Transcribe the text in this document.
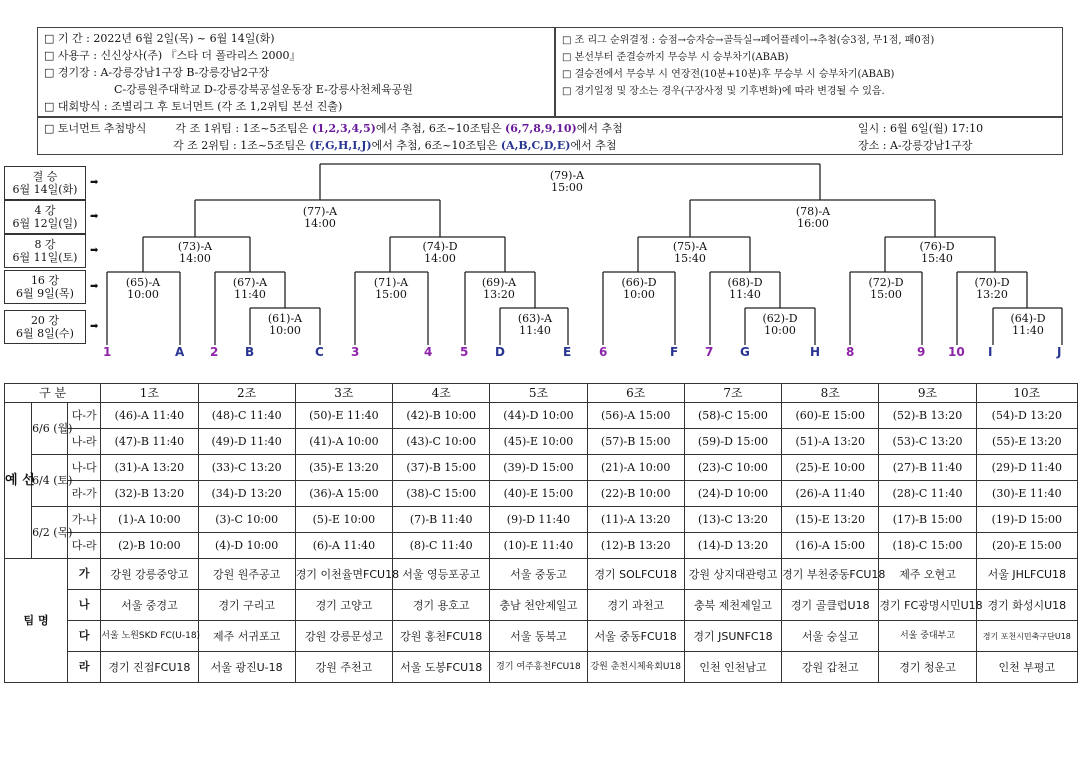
□ 기 간 : 2022년 6월 2일(목) ~ 6월 14일(화)
□ 사용구 : 신신상사(주) 『스타 더 폴라리스 2000』
□ 경기장 : A-강릉강남1구장 B-강릉강남2구장
C-강릉원주대학교 D-강릉강북공설운동장 E-강릉사천체육공원
□ 대회방식 : 조별리그 후 토너먼트 (각 조 1,2위팀 본선 진출)
□ 조 리그 순위결정 : 승점→승자승→골득실→페어플레이→추첨(승3점, 무1점, 패0점)
□ 본선부터 준결승까지 무승부 시 승부차기(ABAB)
□ 결승전에서 무승부 시 연장전(10분+10분)후 무승부 시 승부차기(ABAB)
□ 경기일정 및 장소는 경우(구장사정 및 기후변화)에 따라 변경될 수 있음.
□ 토너먼트 추첨방식	각 조 1위팀 : 1조~5조팀은 (1,2,3,4,5)에서 추첨, 6조~10조팀은 (6,7,8,9,10)에서 추첨
각 조 2위팀 : 1조~5조팀은 (F,G,H,I,J)에서 추첨, 6조~10조팀은 (A,B,C,D,E)에서 추첨
일시 : 6월 6일(월) 17:10
장소 : A-강릉강남1구장
결 승
6월 14일(화)
4 강
6월 12일(일)
8 강
6월 11일(토)
16 강
6월 9일(목)
20 강
6월 8일(수)
➡
➡
➡
➡
➡
(79)-A
15:00
(77)-A
14:00
(78)-A
16:00
(73)-A
14:00
(74)-D
14:00
(75)-A
15:40
(76)-D
15:40
(65)-A
10:00
(67)-A
11:40
(71)-A
15:00
(69)-A
13:20
(66)-D
10:00
(68)-D
11:40
(72)-D
15:00
(70)-D
13:20
(61)-A
10:00
(63)-A
11:40
(62)-D
10:00
(64)-D
11:40
1	A 2 B	C 3	4 5 D	E 6	F 7 G	H 8	9 10 I	J
구 분			1조	2조	3조	4조	5조	6조	7조	8조	9조	10조
예 선	6/6 (월)	다-가	(46)-A 11:40	(48)-C 11:40	(50)-E 11:40	(42)-B 10:00	(44)-D 10:00	(56)-A 15:00	(58)-C 15:00	(60)-E 15:00	(52)-B 13:20	(54)-D 13:20
		나-라	(47)-B 11:40	(49)-D 11:40	(41)-A 10:00	(43)-C 10:00	(45)-E 10:00	(57)-B 15:00	(59)-D 15:00	(51)-A 13:20	(53)-C 13:20	(55)-E 13:20
	6/4 (토)	나-다	(31)-A 13:20	(33)-C 13:20	(35)-E 13:20	(37)-B 15:00	(39)-D 15:00	(21)-A 10:00	(23)-C 10:00	(25)-E 10:00	(27)-B 11:40	(29)-D 11:40
		라-가	(32)-B 13:20	(34)-D 13:20	(36)-A 15:00	(38)-C 15:00	(40)-E 15:00	(22)-B 10:00	(24)-D 10:00	(26)-A 11:40	(28)-C 11:40	(30)-E 11:40
	6/2 (목)	가-나	(1)-A 10:00	(3)-C 10:00	(5)-E 10:00	(7)-B 11:40	(9)-D 11:40	(11)-A 13:20	(13)-C 13:20	(15)-E 13:20	(17)-B 15:00	(19)-D 15:00
		다-라	(2)-B 10:00	(4)-D 10:00	(6)-A 11:40	(8)-C 11:40	(10)-E 11:40	(12)-B 13:20	(14)-D 13:20	(16)-A 15:00	(18)-C 15:00	(20)-E 15:00
팀 명		가	강원 강릉중앙고	강원 원주공고	경기 이천율면FCU18	서울 영등포공고	서울 중동고	경기 SOLFCU18	강원 상지대관령고	경기 부천중동FCU18	제주 오현고	서울 JHLFCU18
		나	서울 중경고	경기 구리고	경기 고양고	경기 용호고	충남 천안제일고	경기 과천고	충북 제천제일고	경기 골클럽U18	경기 FC광명시민U18	경기 화성시U18
		다	서울 노원SKD FC(U-18)	제주 서귀포고	강원 강릉문성고	강원 홍천FCU18	서울 동북고	서울 중동FCU18	경기 JSUNFC18	서울 숭실고	서울 중대부고	경기 포천시민축구단U18
		라	경기 진접FCU18	서울 광진U-18	강원 주천고	서울 도봉FCU18	경기 여주흥천FCU18	강원 춘천시체육회U18	인천 인천남고	강원 갑천고	경기 청운고	인천 부평고
